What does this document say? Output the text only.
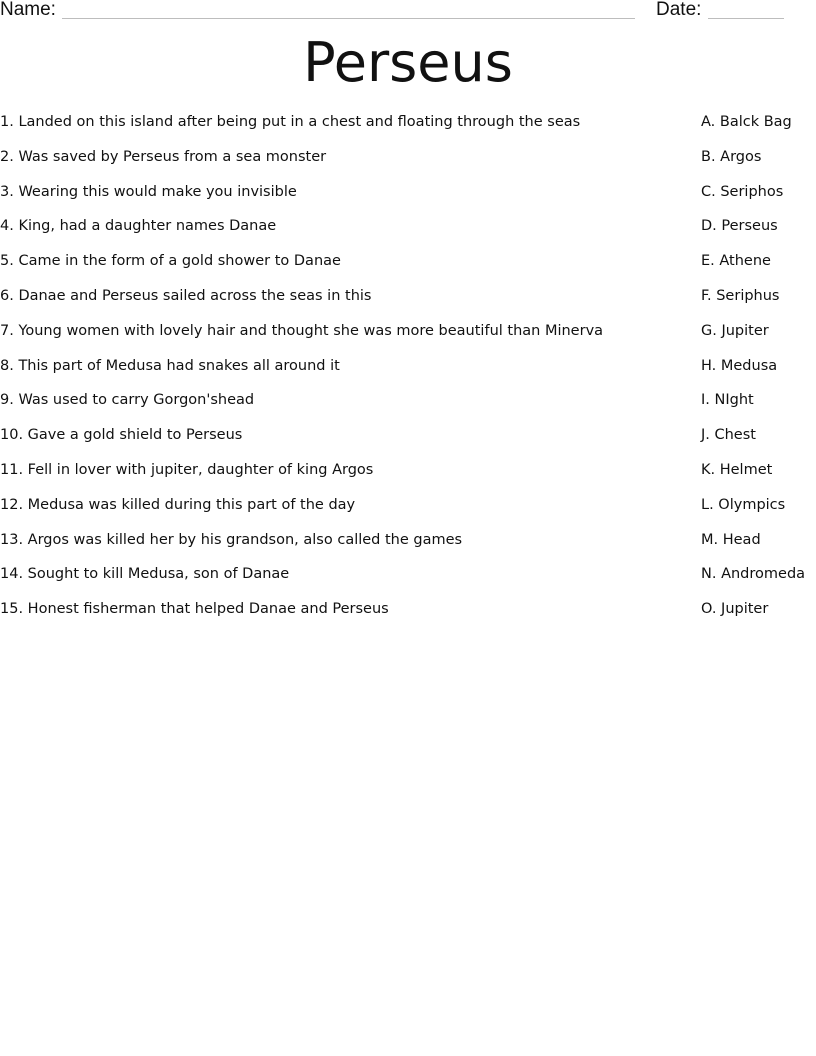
Name:	Date:
Perseus
1. Landed on this island after being put in a chest and floating through the seas	A. Balck Bag
2. Was saved by Perseus from a sea monster	B. Argos
3. Wearing this would make you invisible	C. Seriphos
4. King, had a daughter names Danae	D. Perseus
5. Came in the form of a gold shower to Danae	E. Athene
6. Danae and Perseus sailed across the seas in this	F. Seriphus
7. Young women with lovely hair and thought she was more beautiful than Minerva	G. Jupiter
8. This part of Medusa had snakes all around it	H. Medusa
9. Was used to carry Gorgon'shead	I. NIght
10. Gave a gold shield to Perseus	J. Chest
11. Fell in lover with jupiter, daughter of king Argos	K. Helmet
12. Medusa was killed during this part of the day	L. Olympics
13. Argos was killed her by his grandson, also called the games	M. Head
14. Sought to kill Medusa, son of Danae	N. Andromeda
15. Honest fisherman that helped Danae and Perseus	O. Jupiter
